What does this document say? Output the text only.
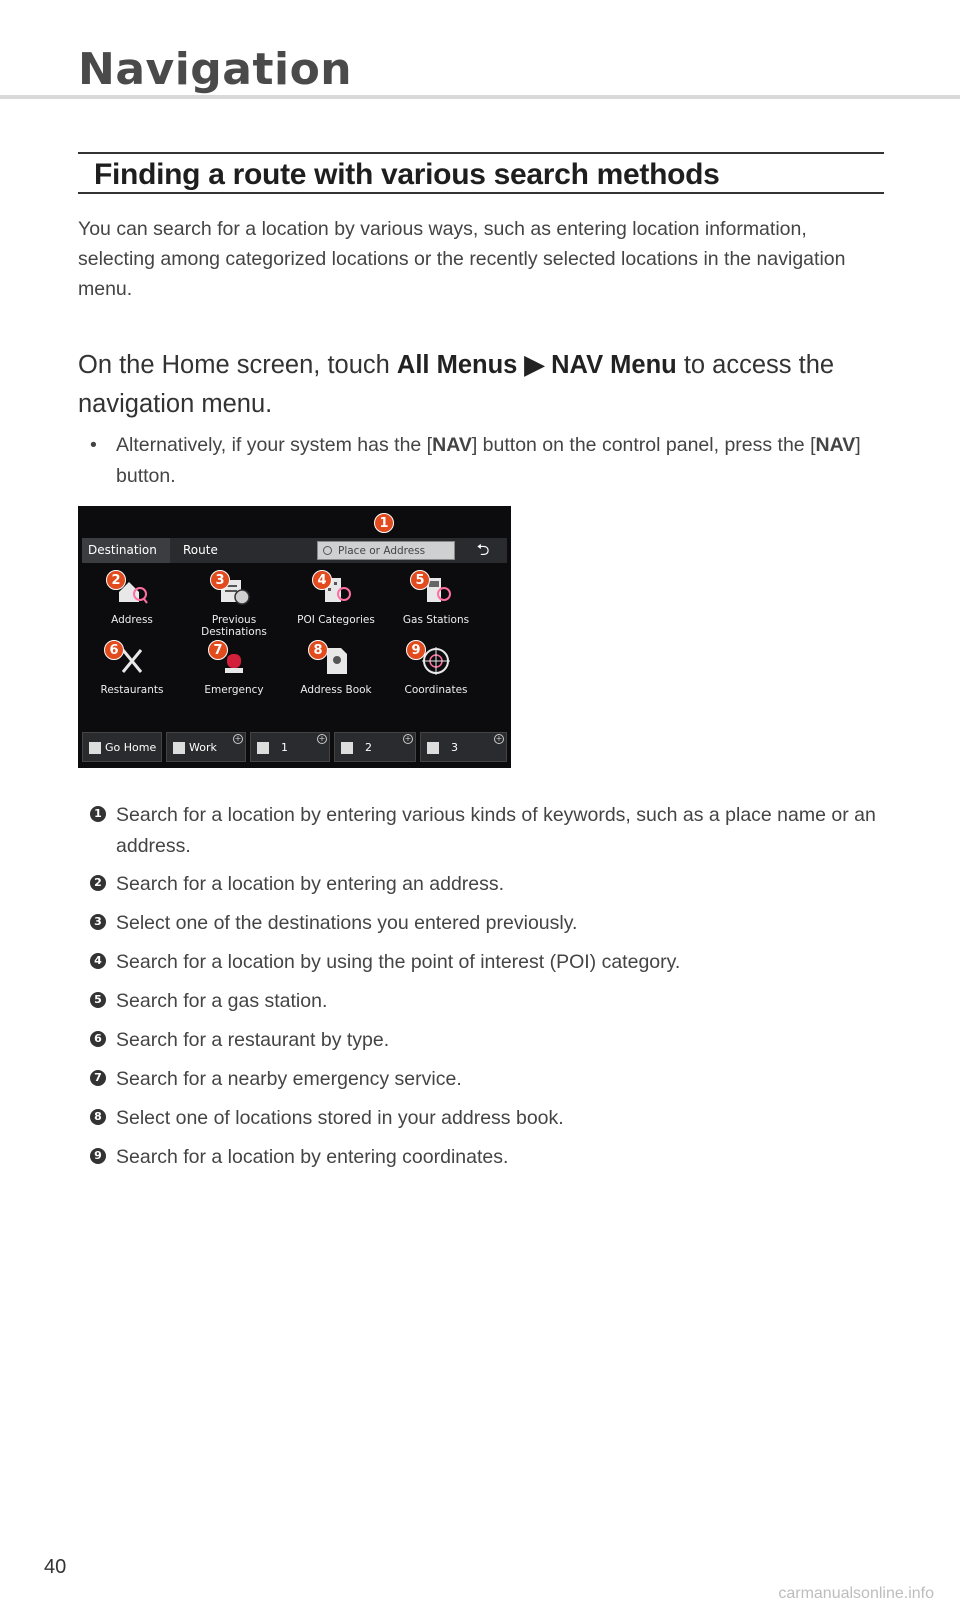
Navigation
Finding a route with various search methods

You can search for a location by various ways, such as entering location information, selecting among categorized locations or the recently selected locations in the navigation menu.

On the Home screen, touch All Menus ▶ NAV Menu to access the navigation menu.

• Alternatively, if your system has the [NAV] button on the control panel, press the [NAV] button.

1
Destination	Route	Place or Address	⮌
2
Address
3
Previous Destinations
4
POI Categories
5
Gas Stations
6
Restaurants
7
Emergency
8
Address Book
9
Coordinates
Go Home	Work
+
1
+
2
+
3
+

1 Search for a location by entering various kinds of keywords, such as a place name or an address.

2 Search for a location by entering an address.

3 Select one of the destinations you entered previously.

4 Search for a location by using the point of interest (POI) category.

5 Search for a gas station.

6 Search for a restaurant by type.

7 Search for a nearby emergency service.

8 Select one of locations stored in your address book.

9 Search for a location by entering coordinates.

40
carmanualsonline.info
